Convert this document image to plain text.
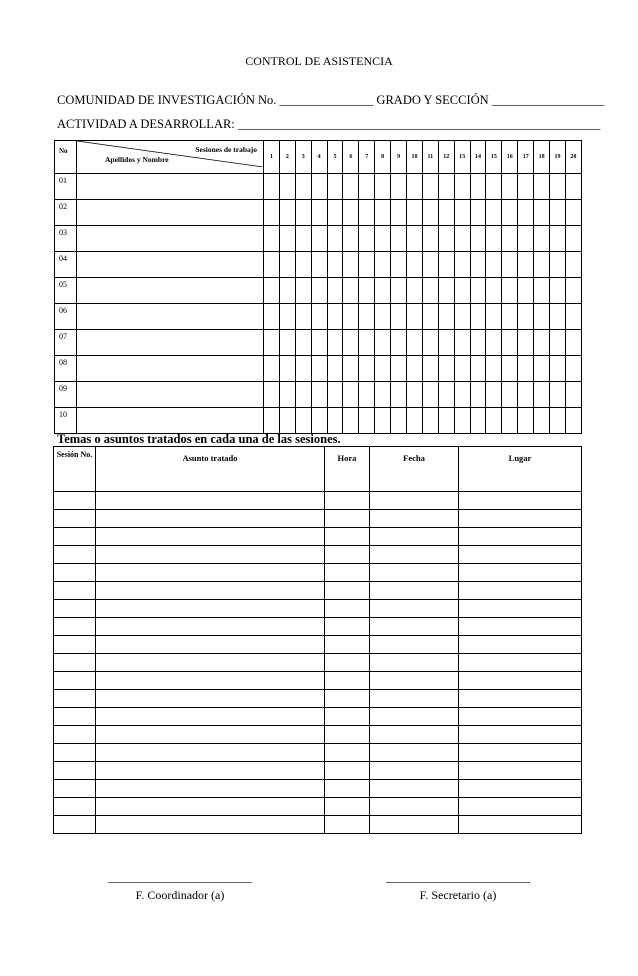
CONTROL DE ASISTENCIA
COMUNIDAD DE INVESTIGACIÓN No. _______________ GRADO Y SECCIÓN __________________
ACTIVIDAD A DESARROLLAR: __________________________________________________________
No	Sesiones de trabajo
Apellidos y Nombre	1	2	3	4	5	6	7	8	9	10	11	12	13	14	15	16	17	18	19	20
01																					
02																					
03																					
04																					
05																					
06																					
07																					
08																					
09																					
10																					
Temas o asuntos tratados en cada una de las sesiones.
Sesión No.	Asunto tratado	Hora	Fecha	Lugar

________________________
F. Coordinador (a)
________________________
F. Secretario (a)
